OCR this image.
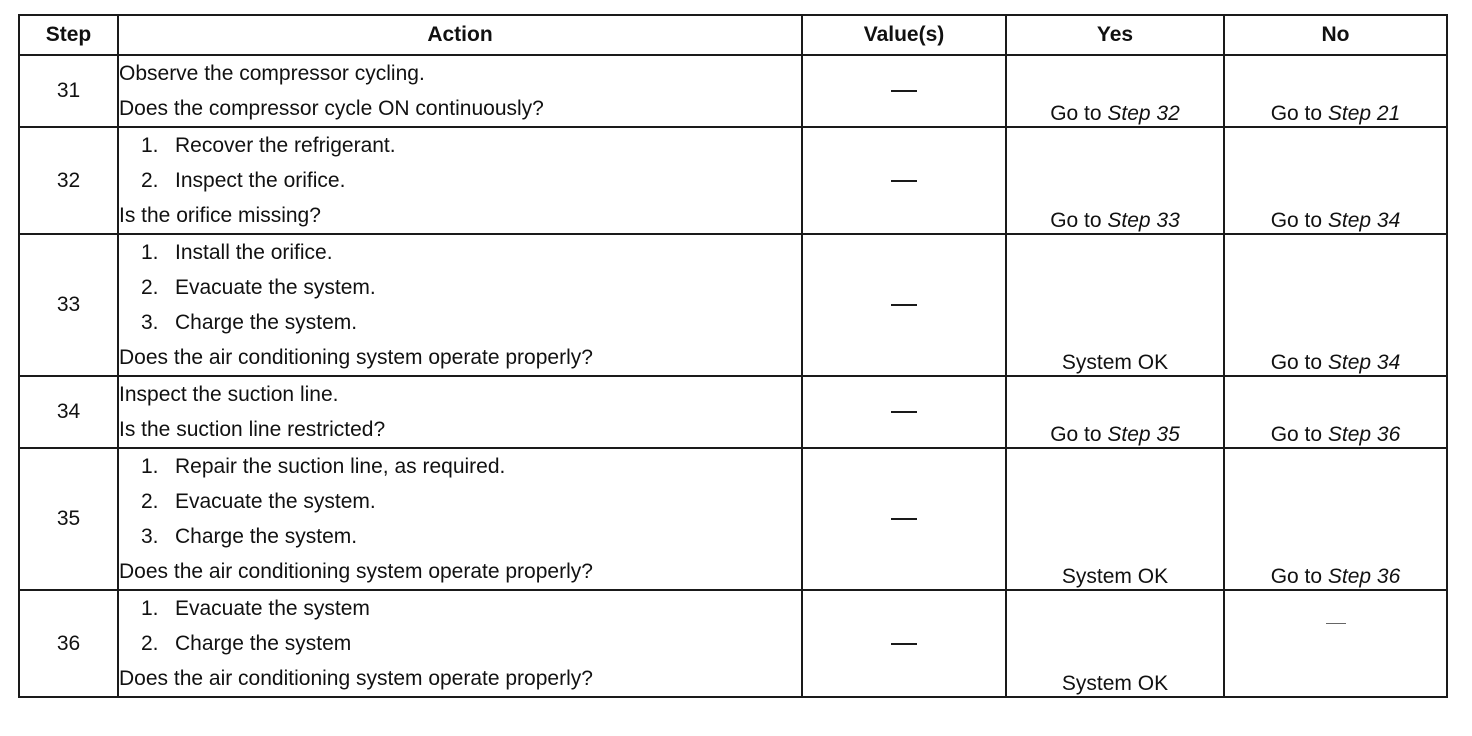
Step	Action	Value(s)	Yes	No
31	Observe the compressor cycling.
Does the compressor cycle ON continuously?		Go to Step 32	Go to Step 21
32	1. Recover the refrigerant.
2. Inspect the orifice.
Is the orifice missing?		Go to Step 33	Go to Step 34
33	1. Install the orifice.
2. Evacuate the system.
3. Charge the system.
Does the air conditioning system operate properly?		System OK	Go to Step 34
34	Inspect the suction line.
Is the suction line restricted?		Go to Step 35	Go to Step 36
35	1. Repair the suction line, as required.
2. Evacuate the system.
3. Charge the system.
Does the air conditioning system operate properly?		System OK	Go to Step 36
36	1. Evacuate the system
2. Charge the system
Does the air conditioning system operate properly?		System OK	
